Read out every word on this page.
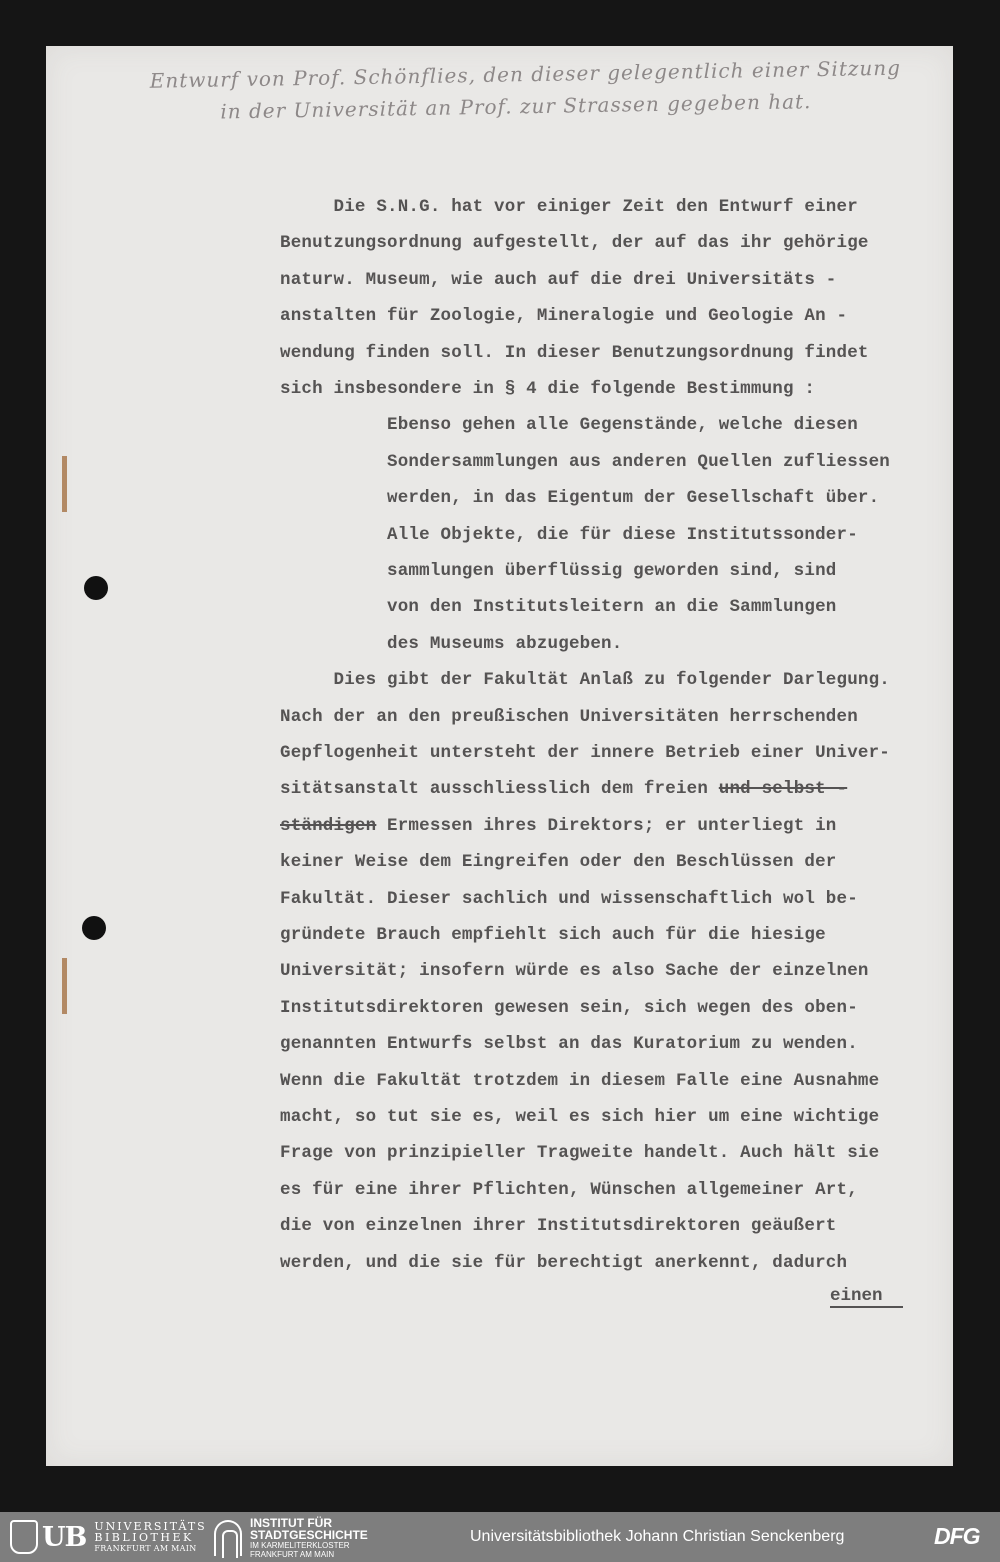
Entwurf von Prof. Schönflies, den dieser gelegentlich einer Sitzung
in der Universität an Prof. zur Strassen gegeben hat.
Die S.N.G. hat vor einiger Zeit den Entwurf einer
Benutzungsordnung aufgestellt, der auf das ihr gehörige
naturw. Museum, wie auch auf die drei Universitäts -
anstalten für Zoologie, Mineralogie und Geologie An -
wendung finden soll. In dieser Benutzungsordnung findet
sich insbesondere in § 4 die folgende Bestimmung :
Ebenso gehen alle Gegenstände, welche diesen
Sondersammlungen aus anderen Quellen zufliessen
werden, in das Eigentum der Gesellschaft über.
Alle Objekte, die für diese Institutssonder-
sammlungen überflüssig geworden sind, sind
von den Institutsleitern an die Sammlungen
des Museums abzugeben.
Dies gibt der Fakultät Anlaß zu folgender Darlegung.
Nach der an den preußischen Universitäten herrschenden
Gepflogenheit untersteht der innere Betrieb einer Univer-
sitätsanstalt ausschliesslich dem freien und selbst -
ständigen Ermessen ihres Direktors; er unterliegt in
keiner Weise dem Eingreifen oder den Beschlüssen der
Fakultät. Dieser sachlich und wissenschaftlich wol be-
gründete Brauch empfiehlt sich auch für die hiesige
Universität; insofern würde es also Sache der einzelnen
Institutsdirektoren gewesen sein, sich wegen des oben-
genannten Entwurfs selbst an das Kuratorium zu wenden.
Wenn die Fakultät trotzdem in diesem Falle eine Ausnahme
macht, so tut sie es, weil es sich hier um eine wichtige
Frage von prinzipieller Tragweite handelt. Auch hält sie
es für eine ihrer Pflichten, Wünschen allgemeiner Art,
die von einzelnen ihrer Institutsdirektoren geäußert
werden, und die sie für berechtigt anerkennt, dadurch
einen
UB UNIVERSITÄTS
BIBLIOTHEK
FRANKFURT AM MAIN
INSTITUT FÜR
STADTGESCHICHTE
IM KARMELITERKLOSTER
FRANKFURT AM MAIN
Universitätsbibliothek Johann Christian Senckenberg	DFG
